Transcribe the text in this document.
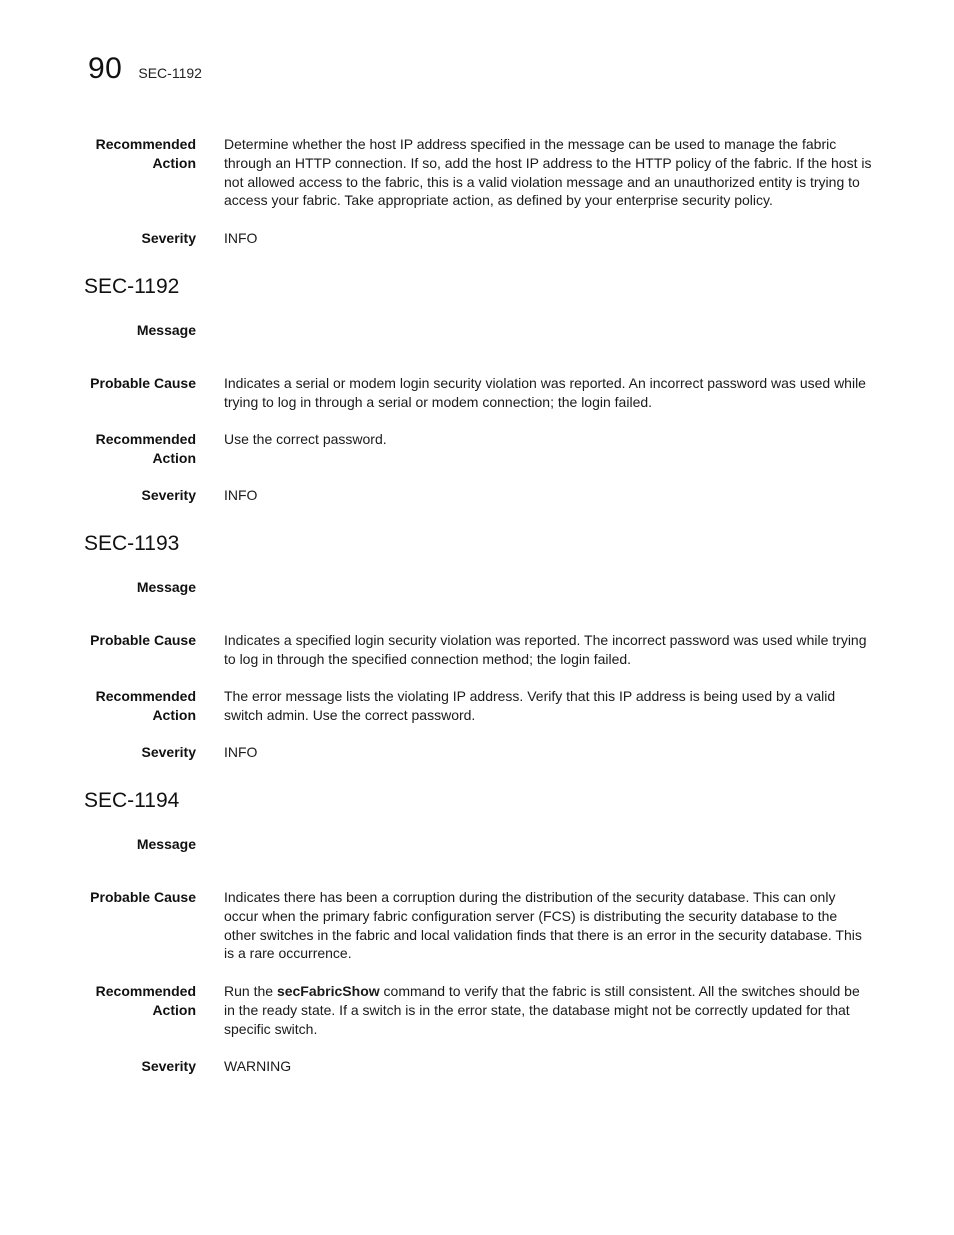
90 SEC-1192
Recommended
Action
Determine whether the host IP address specified in the message can be used to manage the fabric through an HTTP connection. If so, add the host IP address to the HTTP policy of the fabric. If the host is not allowed access to the fabric, this is a valid violation message and an unauthorized entity is trying to access your fabric. Take appropriate action, as defined by your enterprise security policy.
Severity INFO
SEC-1192
Message
Probable Cause Indicates a serial or modem login security violation was reported. An incorrect password was used while trying to log in through a serial or modem connection; the login failed.
Recommended
Action
Use the correct password.
Severity INFO
SEC-1193
Message
Probable Cause Indicates a specified login security violation was reported. The incorrect password was used while trying to log in through the specified connection method; the login failed.
Recommended
Action
The error message lists the violating IP address. Verify that this IP address is being used by a valid switch admin. Use the correct password.
Severity INFO
SEC-1194
Message
Probable Cause Indicates there has been a corruption during the distribution of the security database. This can only occur when the primary fabric configuration server (FCS) is distributing the security database to the other switches in the fabric and local validation finds that there is an error in the security database. This is a rare occurrence.
Recommended
Action
Run the secFabricShow command to verify that the fabric is still consistent. All the switches should be in the ready state. If a switch is in the error state, the database might not be correctly updated for that specific switch.
Severity WARNING
